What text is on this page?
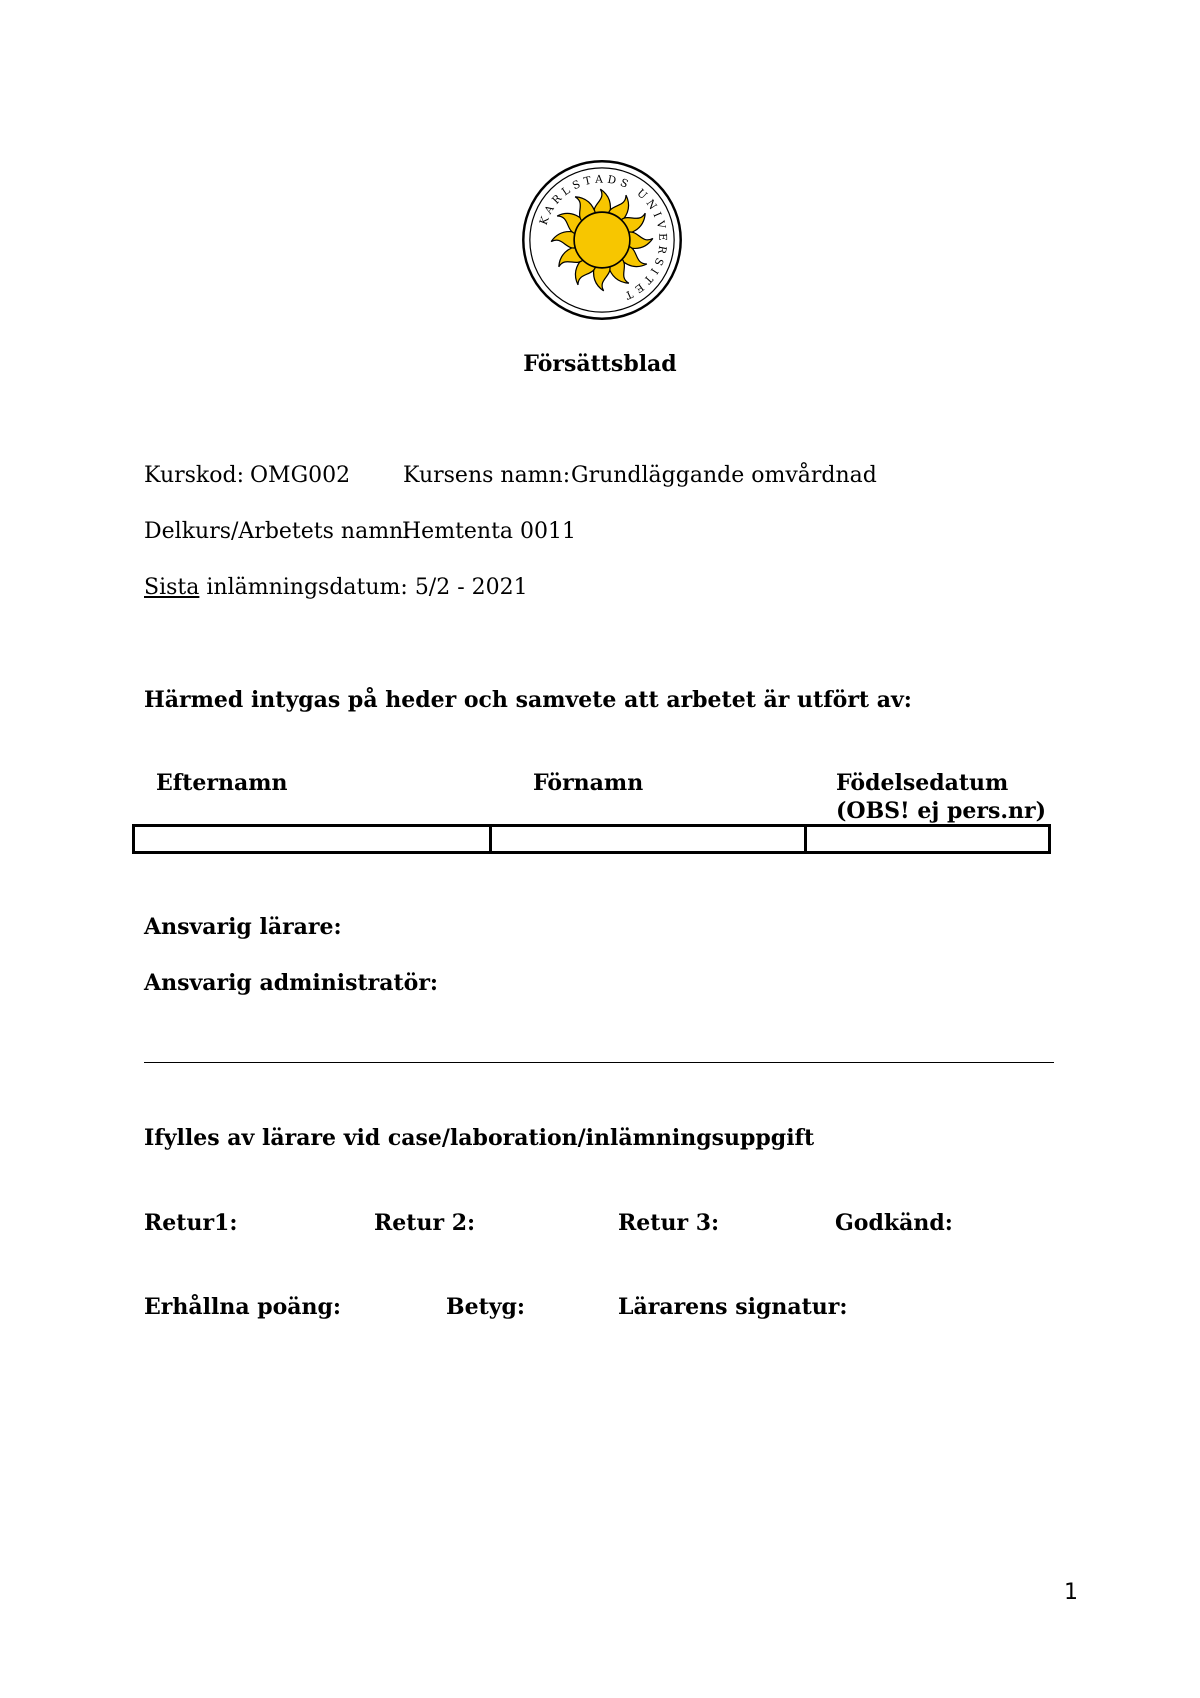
KARLSTADS UNIVERSITET
Försättsblad
Kurskod: OMG002 Kursens namn: Grundläggande omvårdnad
Delkurs/Arbetets namn:
Hemtenta 0011
Sista inlämningsdatum: 5/2 - 2021
Härmed intygas på heder och samvete att arbetet är utfört av:
Efternamn	Förnamn	Födelsedatum
(OBS! ej pers.nr)

Ansvarig lärare:
Ansvarig administratör:
Ifylles av lärare vid case/laboration/inlämningsuppgift
Retur1:	Retur 2:	Retur 3:	Godkänd:
Erhållna poäng:	Betyg:	Lärarens signatur:
1
